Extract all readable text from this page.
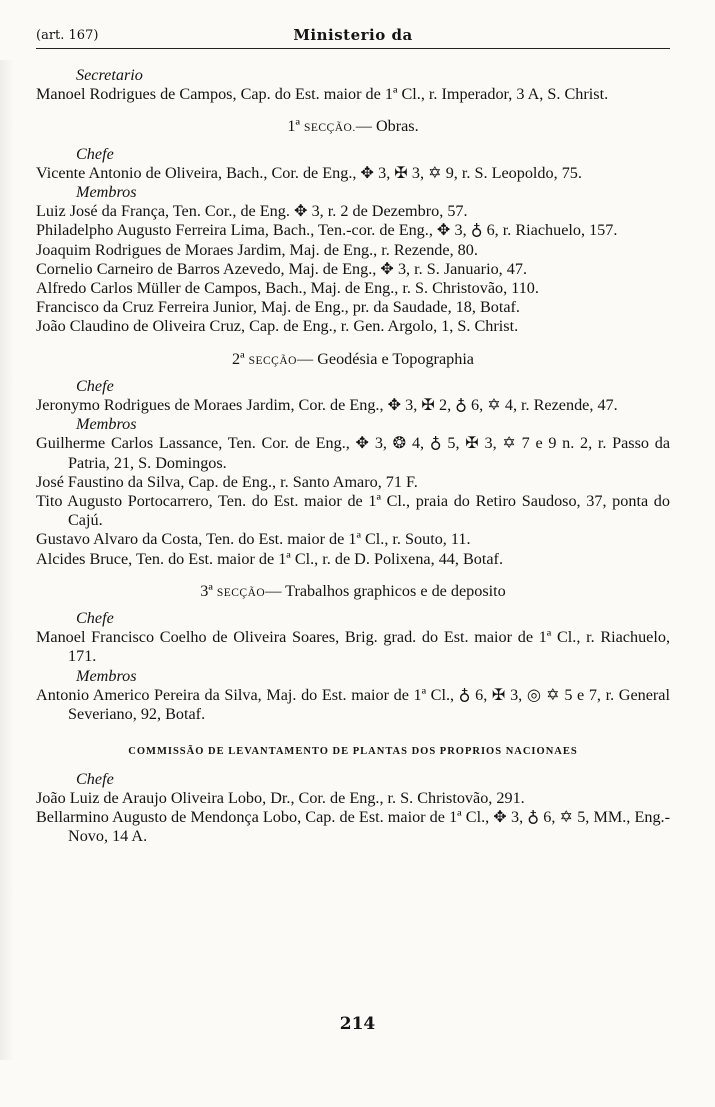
(art. 167)	Ministerio da
Secretario
Manoel Rodrigues de Campos, Cap. do Est. maior de 1ª Cl., r. Imperador, 3 A, S. Christ.
1ª SECÇÃO.— Obras.
Chefe
Vicente Antonio de Oliveira, Bach., Cor. de Eng., ✥ 3, ✠ 3, ✡ 9, r. S. Leopoldo, 75.
Membros
Luiz José da França, Ten. Cor., de Eng. ✥ 3, r. 2 de Dezembro, 57.
Philadelpho Augusto Ferreira Lima, Bach., Ten.-cor. de Eng., ✥ 3, ♁ 6, r. Riachuelo, 157.
Joaquim Rodrigues de Moraes Jardim, Maj. de Eng., r. Rezende, 80.
Cornelio Carneiro de Barros Azevedo, Maj. de Eng., ✥ 3, r. S. Januario, 47.
Alfredo Carlos Müller de Campos, Bach., Maj. de Eng., r. S. Christovão, 110.
Francisco da Cruz Ferreira Junior, Maj. de Eng., pr. da Saudade, 18, Botaf.
João Claudino de Oliveira Cruz, Cap. de Eng., r. Gen. Argolo, 1, S. Christ.
2ª SECÇÃO— Geodésia e Topographia
Chefe
Jeronymo Rodrigues de Moraes Jardim, Cor. de Eng., ✥ 3, ✠ 2, ♁ 6, ✡ 4, r. Rezende, 47.
Membros
Guilherme Carlos Lassance, Ten. Cor. de Eng., ✥ 3, ❂ 4, ♁ 5, ✠ 3, ✡ 7 e 9 n. 2, r. Passo da Patria, 21, S. Domingos.
José Faustino da Silva, Cap. de Eng., r. Santo Amaro, 71 F.
Tito Augusto Portocarrero, Ten. do Est. maior de 1ª Cl., praia do Retiro Saudoso, 37, ponta do Cajú.
Gustavo Alvaro da Costa, Ten. do Est. maior de 1ª Cl., r. Souto, 11.
Alcides Bruce, Ten. do Est. maior de 1ª Cl., r. de D. Polixena, 44, Botaf.
3ª SECÇÃO— Trabalhos graphicos e de deposito
Chefe
Manoel Francisco Coelho de Oliveira Soares, Brig. grad. do Est. maior de 1ª Cl., r. Riachuelo, 171.
Membros
Antonio Americo Pereira da Silva, Maj. do Est. maior de 1ª Cl., ♁ 6, ✠ 3, ◎ ✡ 5 e 7, r. General Severiano, 92, Botaf.
COMMISSÃO DE LEVANTAMENTO DE PLANTAS DOS PROPRIOS NACIONAES
Chefe
João Luiz de Araujo Oliveira Lobo, Dr., Cor. de Eng., r. S. Christovão, 291.
Bellarmino Augusto de Mendonça Lobo, Cap. de Est. maior de 1ª Cl., ✥ 3, ♁ 6, ✡ 5, MM., Eng.-Novo, 14 A.
214
